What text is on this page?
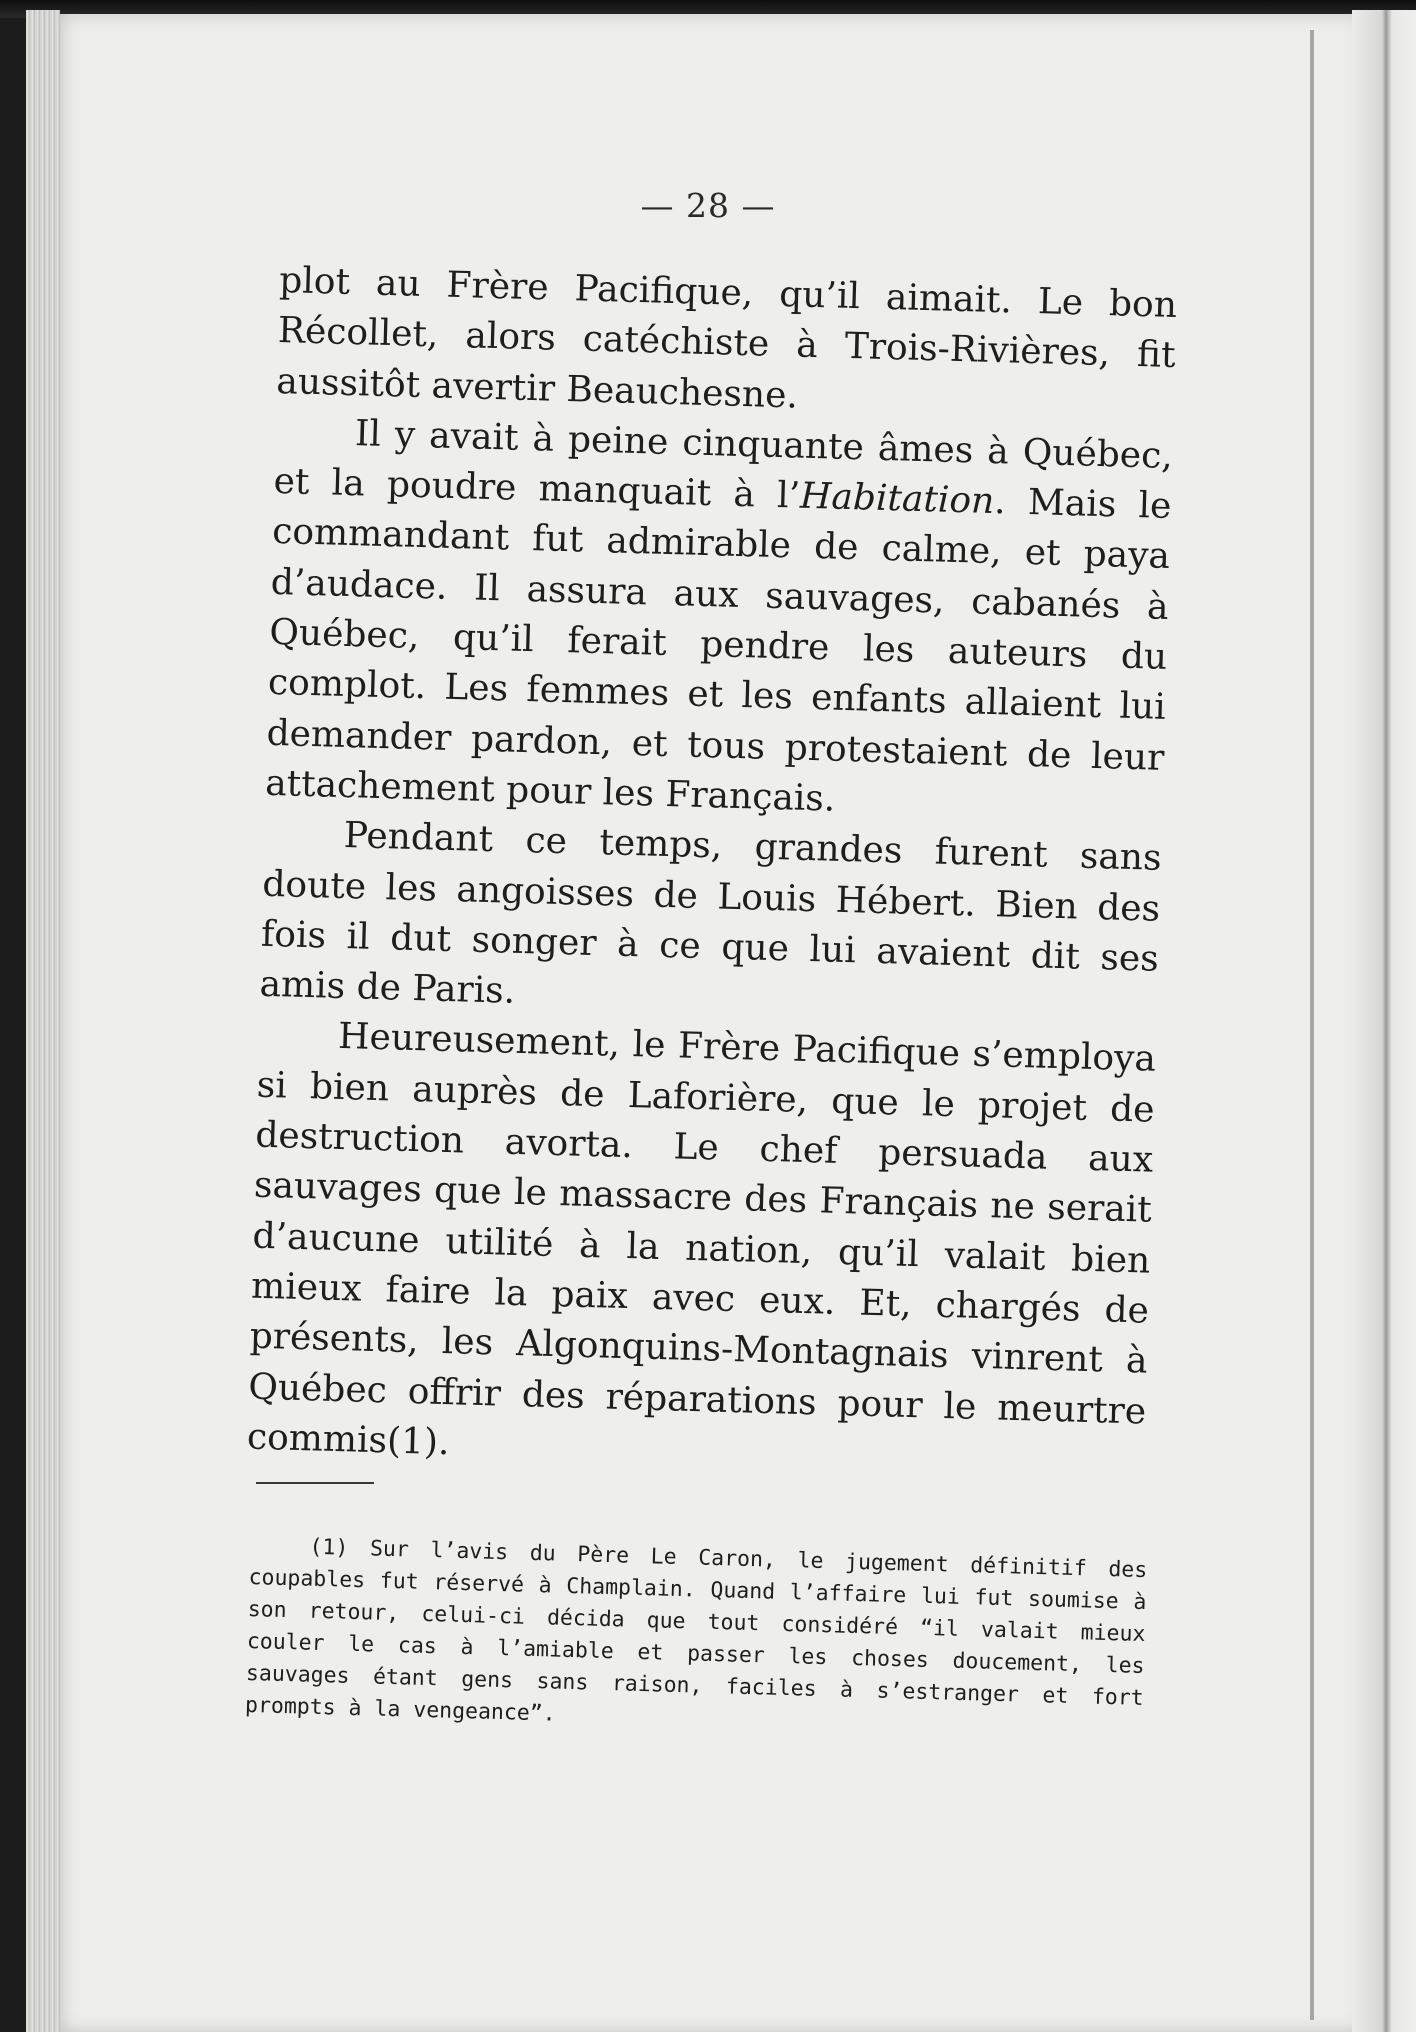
— 28 —

plot au Frère Pacifique, qu’il aimait. Le bon Récollet, alors catéchiste à Trois-Rivières, fit aussitôt avertir Beauchesne.

Il y avait à peine cinquante âmes à Québec, et la poudre manquait à l’Habitation. Mais le commandant fut admirable de calme, et paya d’audace. Il assura aux sauvages, cabanés à Québec, qu’il ferait pendre les auteurs du complot. Les femmes et les enfants allaient lui demander pardon, et tous protestaient de leur attachement pour les Français.

Pendant ce temps, grandes furent sans doute les angoisses de Louis Hébert. Bien des fois il dut songer à ce que lui avaient dit ses amis de Paris.

Heureusement, le Frère Pacifique s’employa si bien auprès de Laforière, que le projet de destruction avorta. Le chef persuada aux sauvages que le massacre des Français ne serait d’aucune utilité à la nation, qu’il valait bien mieux faire la paix avec eux. Et, chargés de présents, les Algonquins-Montagnais vinrent à Québec offrir des réparations pour le meurtre commis(1).

(1) Sur l’avis du Père Le Caron, le jugement définitif des coupables fut réservé à Champlain. Quand l’affaire lui fut soumise à son retour, celui-ci décida que tout considéré “il valait mieux couler le cas à l’amiable et passer les choses doucement, les sauvages étant gens sans raison, faciles à s’estranger et fort prompts à la vengeance”.
